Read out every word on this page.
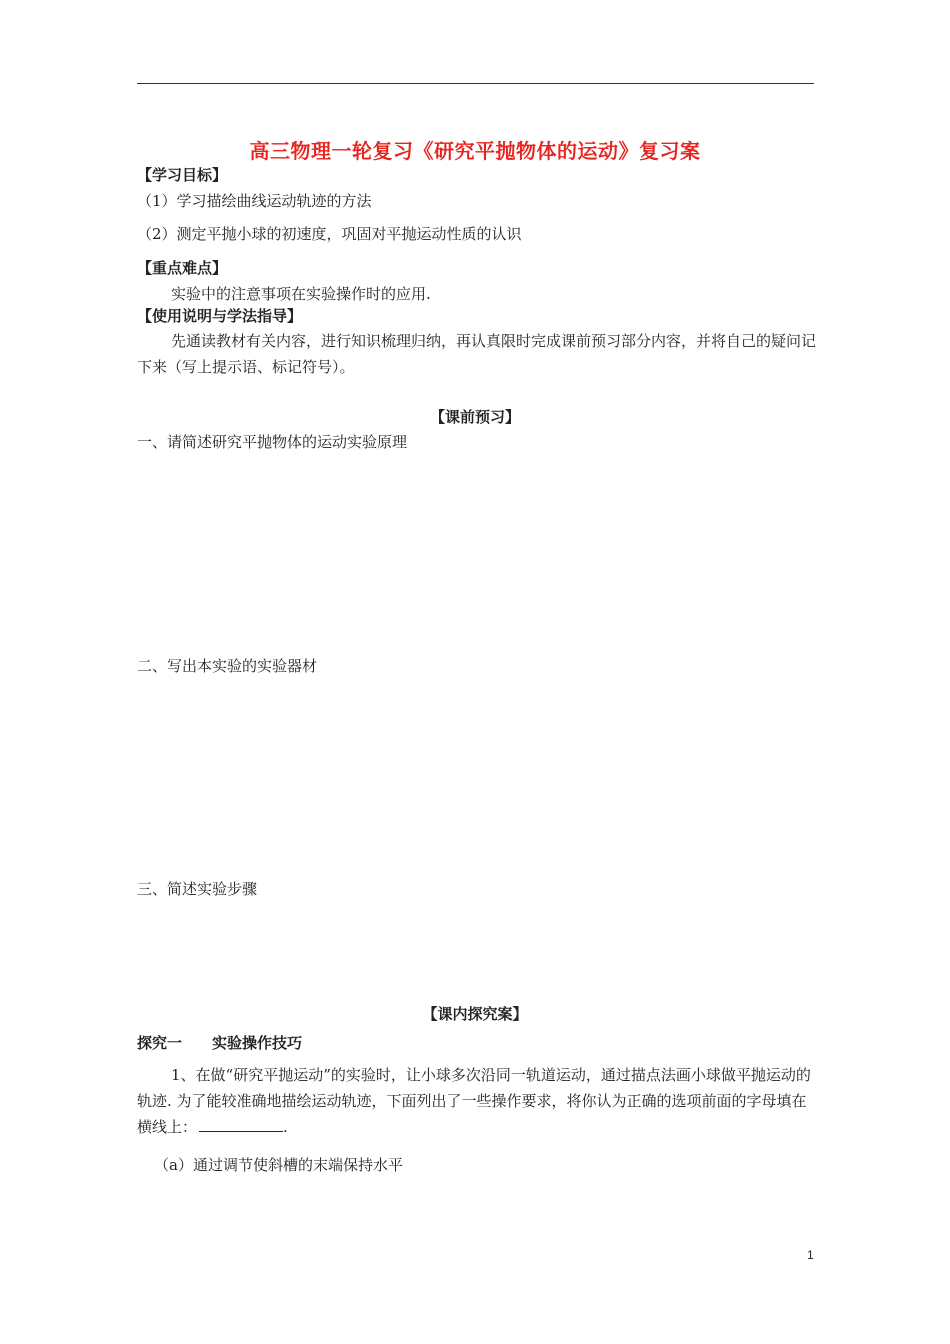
高三物理一轮复习《研究平抛物体的运动》复习案
【学习目标】
（1）学习描绘曲线运动轨迹的方法
（2）测定平抛小球的初速度，巩固对平抛运动性质的认识
【重点难点】
实验中的注意事项在实验操作时的应用.
【使用说明与学法指导】
先通读教材有关内容，进行知识梳理归纳，再认真限时完成课前预习部分内容，并将自己的疑问记下来（写上提示语、标记符号）。
【课前预习】
一、请简述研究平抛物体的运动实验原理
二、写出本实验的实验器材
三、简述实验步骤
【课内探究案】
探究一 实验操作技巧
1、在做“研究平抛运动”的实验时，让小球多次沿同一轨道运动，通过描点法画小球做平抛运动的轨迹. 为了能较准确地描绘运动轨迹，下面列出了一些操作要求，将你认为正确的选项前面的字母填在横线上：	.
（a）通过调节使斜槽的末端保持水平
1
